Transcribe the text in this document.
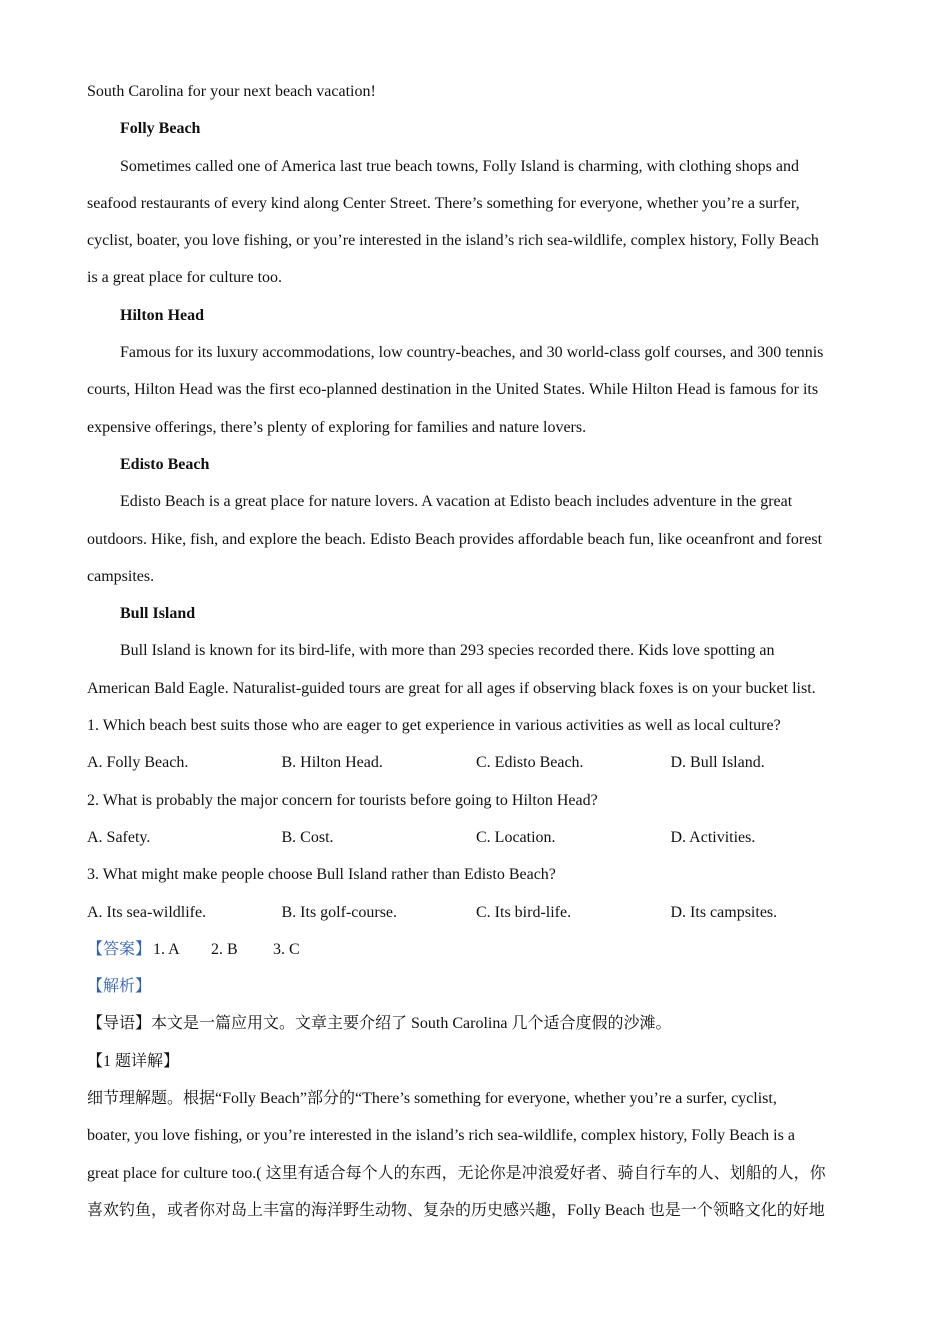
South Carolina for your next beach vacation!
Folly Beach
Sometimes called one of America last true beach towns, Folly Island is charming, with clothing shops and
seafood restaurants of every kind along Center Street. There’s something for everyone, whether you’re a surfer,
cyclist, boater, you love fishing, or you’re interested in the island’s rich sea-wildlife, complex history, Folly Beach
is a great place for culture too.
Hilton Head
Famous for its luxury accommodations, low country-beaches, and 30 world-class golf courses, and 300 tennis
courts, Hilton Head was the first eco-planned destination in the United States. While Hilton Head is famous for its
expensive offerings, there’s plenty of exploring for families and nature lovers.
Edisto Beach
Edisto Beach is a great place for nature lovers. A vacation at Edisto beach includes adventure in the great
outdoors. Hike, fish, and explore the beach. Edisto Beach provides affordable beach fun, like oceanfront and forest
campsites.
Bull Island
Bull Island is known for its bird-life, with more than 293 species recorded there. Kids love spotting an
American Bald Eagle. Naturalist-guided tours are great for all ages if observing black foxes is on your bucket list.
1. Which beach best suits those who are eager to get experience in various activities as well as local culture?
A. Folly Beach.	B. Hilton Head.	C. Edisto Beach.	D. Bull Island.
2. What is probably the major concern for tourists before going to Hilton Head?
A. Safety.	B. Cost.	C. Location.	D. Activities.
3. What might make people choose Bull Island rather than Edisto Beach?
A. Its sea-wildlife.	B. Its golf-course.	C. Its bird-life.	D. Its campsites.
【答案】 1. A 2. B 3. C
【解析】
【导语】本文是一篇应用文。文章主要介绍了 South Carolina 几个适合度假的沙滩。
【1 题详解】
细节理解题。根据“Folly Beach”部分的“There’s something for everyone, whether you’re a surfer, cyclist,
boater, you love fishing, or you’re interested in the island’s rich sea-wildlife, complex history, Folly Beach is a
great place for culture too.( 这里有适合每个人的东西，无论你是冲浪爱好者、骑自行车的人、划船的人，你
喜欢钓鱼，或者你对岛上丰富的海洋野生动物、复杂的历史感兴趣，Folly Beach 也是一个领略文化的好地
